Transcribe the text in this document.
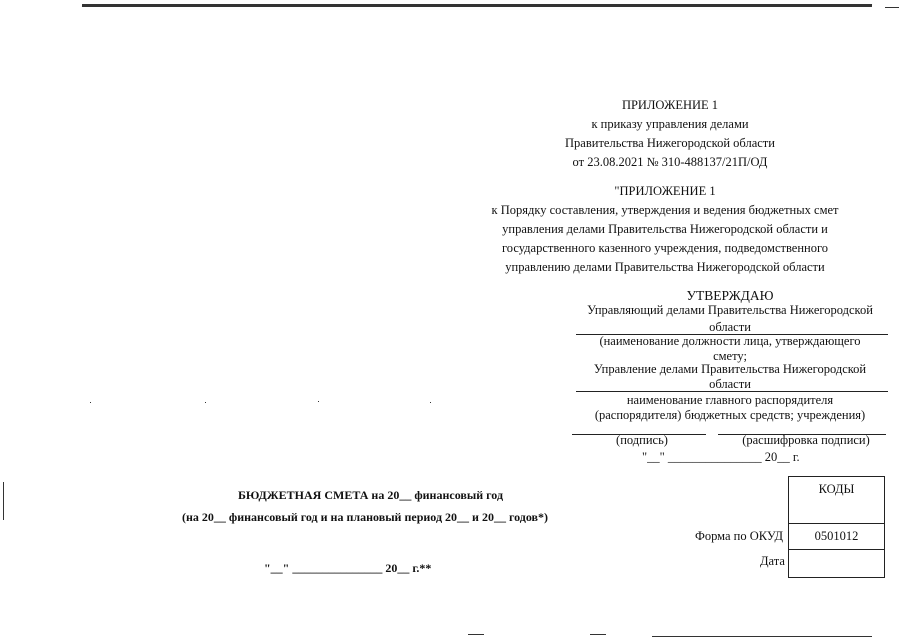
ПРИЛОЖЕНИЕ 1
к приказу управления делами
Правительства Нижегородской области
от 23.08.2021 № 310-488137/21П/ОД
"ПРИЛОЖЕНИЕ 1
к Порядку составления, утверждения и ведения бюджетных смет
управления делами Правительства Нижегородской области и
государственного казенного учреждения, подведомственного
управлению делами Правительства Нижегородской области
УТВЕРЖДАЮ
Управляющий делами Правительства Нижегородской
области
(наименование должности лица, утверждающего
смету;
Управление делами Правительства Нижегородской
области
наименование главного распорядителя
(распорядителя) бюджетных средств; учреждения)
(подпись)	(расшифровка подписи)
"__" _______________ 20__ г.
БЮДЖЕТНАЯ СМЕТА на 20__ финансовый год
(на 20__ финансовый год и на плановый период 20__ и 20__ годов*)
"__" _______________ 20__ г.**
КОДЫ
0501012
Форма по ОКУД
Дата
